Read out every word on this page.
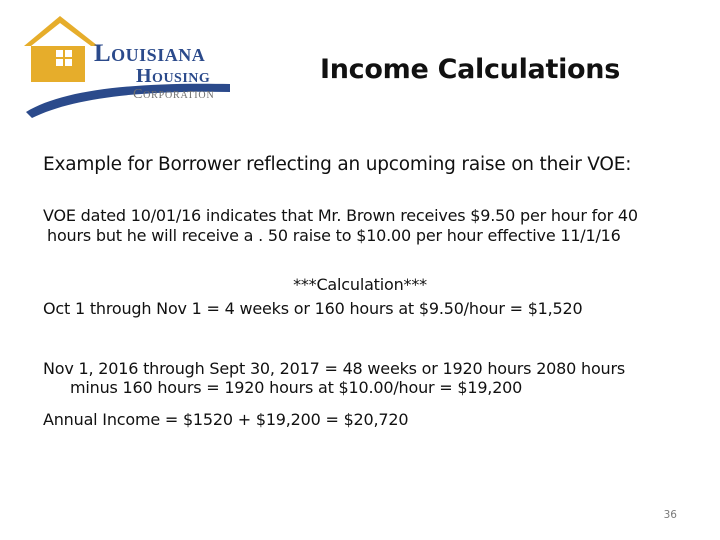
Louisiana
Housing
Corporation
Income Calculations
Example for Borrower reflecting an upcoming raise on their VOE:
VOE dated 10/01/16 indicates that Mr. Brown receives $9.50 per hour for 40
hours but he will receive a . 50 raise to $10.00 per hour effective 11/1/16
***Calculation***
Oct 1 through Nov 1 = 4 weeks or 160 hours at $9.50/hour = $1,520
Nov 1, 2016 through Sept 30, 2017 = 48 weeks or 1920 hours 2080 hours
minus 160 hours = 1920 hours at $10.00/hour = $19,200
Annual Income = $1520 + $19,200 = $20,720
36
